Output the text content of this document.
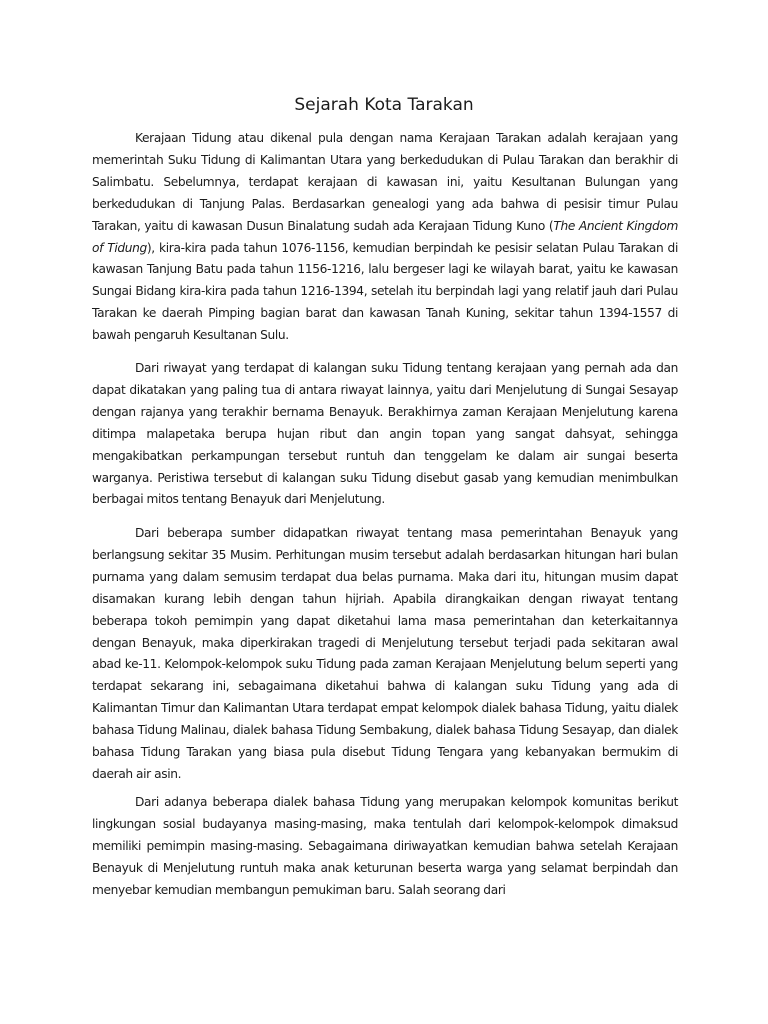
Sejarah Kota Tarakan

Kerajaan Tidung atau dikenal pula dengan nama Kerajaan Tarakan adalah kerajaan yang memerintah Suku Tidung di Kalimantan Utara yang berkedudukan di Pulau Tarakan dan berakhir di Salimbatu. Sebelumnya, terdapat kerajaan di kawasan ini, yaitu Kesultanan Bulungan yang berkedudukan di Tanjung Palas. Berdasarkan genealogi yang ada bahwa di pesisir timur Pulau Tarakan, yaitu di kawasan Dusun Binalatung sudah ada Kerajaan Tidung Kuno (The Ancient Kingdom of Tidung), kira-kira pada tahun 1076-1156, kemudian berpindah ke pesisir selatan Pulau Tarakan di kawasan Tanjung Batu pada tahun 1156-1216, lalu bergeser lagi ke wilayah barat, yaitu ke kawasan Sungai Bidang kira-kira pada tahun 1216-1394, setelah itu berpindah lagi yang relatif jauh dari Pulau Tarakan ke daerah Pimping bagian barat dan kawasan Tanah Kuning, sekitar tahun 1394-1557 di bawah pengaruh Kesultanan Sulu.

Dari riwayat yang terdapat di kalangan suku Tidung tentang kerajaan yang pernah ada dan dapat dikatakan yang paling tua di antara riwayat lainnya, yaitu dari Menjelutung di Sungai Sesayap dengan rajanya yang terakhir bernama Benayuk. Berakhirnya zaman Kerajaan Menjelutung karena ditimpa malapetaka berupa hujan ribut dan angin topan yang sangat dahsyat, sehingga mengakibatkan perkampungan tersebut runtuh dan tenggelam ke dalam air sungai beserta warganya. Peristiwa tersebut di kalangan suku Tidung disebut gasab yang kemudian menimbulkan berbagai mitos tentang Benayuk dari Menjelutung.

Dari beberapa sumber didapatkan riwayat tentang masa pemerintahan Benayuk yang berlangsung sekitar 35 Musim. Perhitungan musim tersebut adalah berdasarkan hitungan hari bulan purnama yang dalam semusim terdapat dua belas purnama. Maka dari itu, hitungan musim dapat disamakan kurang lebih dengan tahun hijriah. Apabila dirangkaikan dengan riwayat tentang beberapa tokoh pemimpin yang dapat diketahui lama masa pemerintahan dan keterkaitannya dengan Benayuk, maka diperkirakan tragedi di Menjelutung tersebut terjadi pada sekitaran awal abad ke-11. Kelompok-kelompok suku Tidung pada zaman Kerajaan Menjelutung belum seperti yang terdapat sekarang ini, sebagaimana diketahui bahwa di kalangan suku Tidung yang ada di Kalimantan Timur dan Kalimantan Utara terdapat empat kelompok dialek bahasa Tidung, yaitu dialek bahasa Tidung Malinau, dialek bahasa Tidung Sembakung, dialek bahasa Tidung Sesayap, dan dialek bahasa Tidung Tarakan yang biasa pula disebut Tidung Tengara yang kebanyakan bermukim di daerah air asin.

Dari adanya beberapa dialek bahasa Tidung yang merupakan kelompok komunitas berikut lingkungan sosial budayanya masing-masing, maka tentulah dari kelompok-kelompok dimaksud memiliki pemimpin masing-masing. Sebagaimana diriwayatkan kemudian bahwa setelah Kerajaan Benayuk di Menjelutung runtuh maka anak keturunan beserta warga yang selamat berpindah dan menyebar kemudian membangun pemukiman baru. Salah seorang dari
